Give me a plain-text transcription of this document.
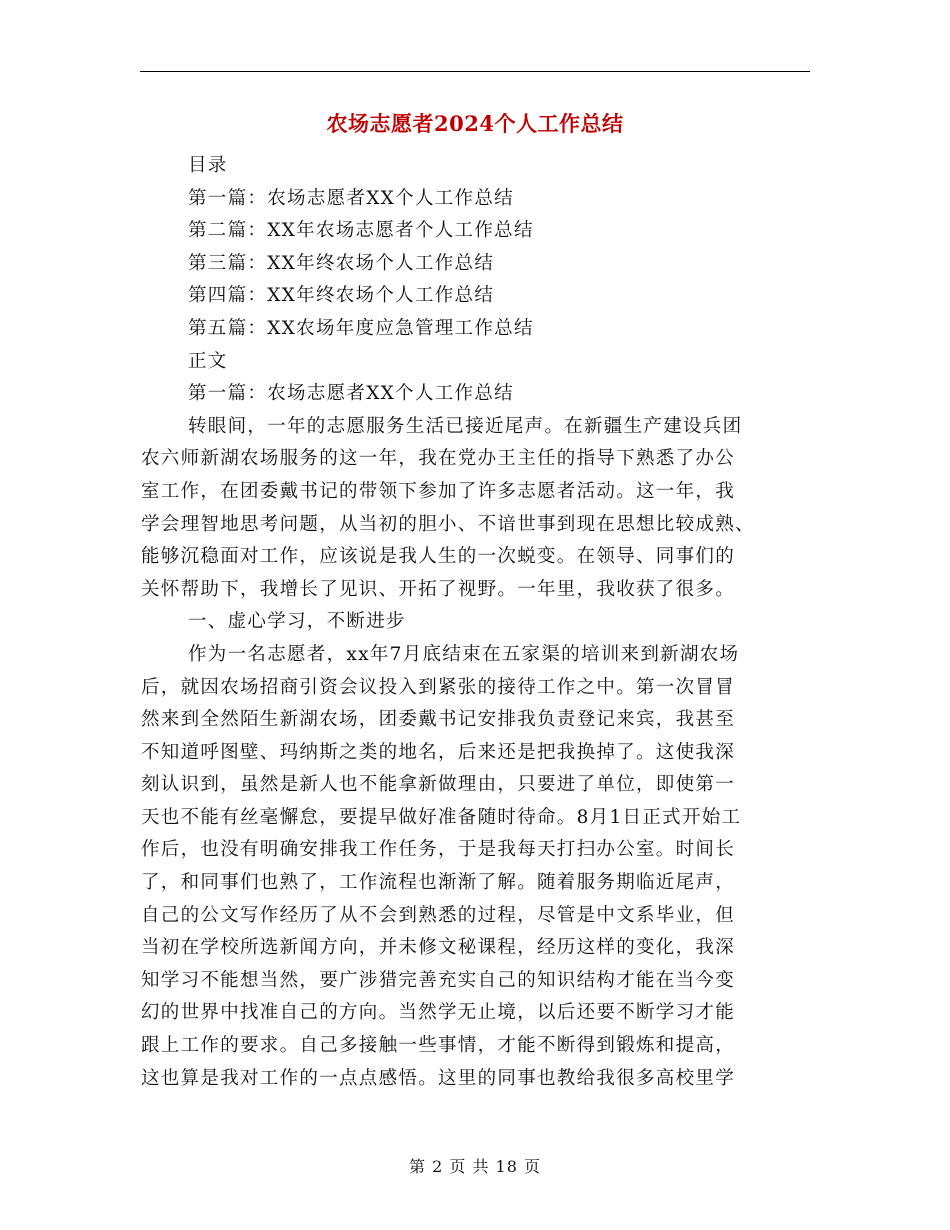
农场志愿者2024个人工作总结
目录
第一篇：农场志愿者XX个人工作总结
第二篇：XX年农场志愿者个人工作总结
第三篇：XX年终农场个人工作总结
第四篇：XX年终农场个人工作总结
第五篇：XX农场年度应急管理工作总结
正文
第一篇：农场志愿者XX个人工作总结
转眼间，一年的志愿服务生活已接近尾声。在新疆生产建设兵团
农六师新湖农场服务的这一年，我在党办王主任的指导下熟悉了办公
室工作，在团委戴书记的带领下参加了许多志愿者活动。这一年，我
学会理智地思考问题，从当初的胆小、不谙世事到现在思想比较成熟、
能够沉稳面对工作，应该说是我人生的一次蜕变。在领导、同事们的
关怀帮助下，我增长了见识、开拓了视野。一年里，我收获了很多。
一、虚心学习，不断进步
作为一名志愿者，xx年7月底结束在五家渠的培训来到新湖农场
后，就因农场招商引资会议投入到紧张的接待工作之中。第一次冒冒
然来到全然陌生新湖农场，团委戴书记安排我负责登记来宾，我甚至
不知道呼图壁、玛纳斯之类的地名，后来还是把我换掉了。这使我深
刻认识到，虽然是新人也不能拿新做理由，只要进了单位，即使第一
天也不能有丝毫懈怠，要提早做好准备随时待命。8月1日正式开始工
作后，也没有明确安排我工作任务，于是我每天打扫办公室。时间长
了，和同事们也熟了，工作流程也渐渐了解。随着服务期临近尾声，
自己的公文写作经历了从不会到熟悉的过程，尽管是中文系毕业，但
当初在学校所选新闻方向，并未修文秘课程，经历这样的变化，我深
知学习不能想当然，要广涉猎完善充实自己的知识结构才能在当今变
幻的世界中找准自己的方向。当然学无止境，以后还要不断学习才能
跟上工作的要求。自己多接触一些事情，才能不断得到锻炼和提高，
这也算是我对工作的一点点感悟。这里的同事也教给我很多高校里学
第 2 页 共 18 页
